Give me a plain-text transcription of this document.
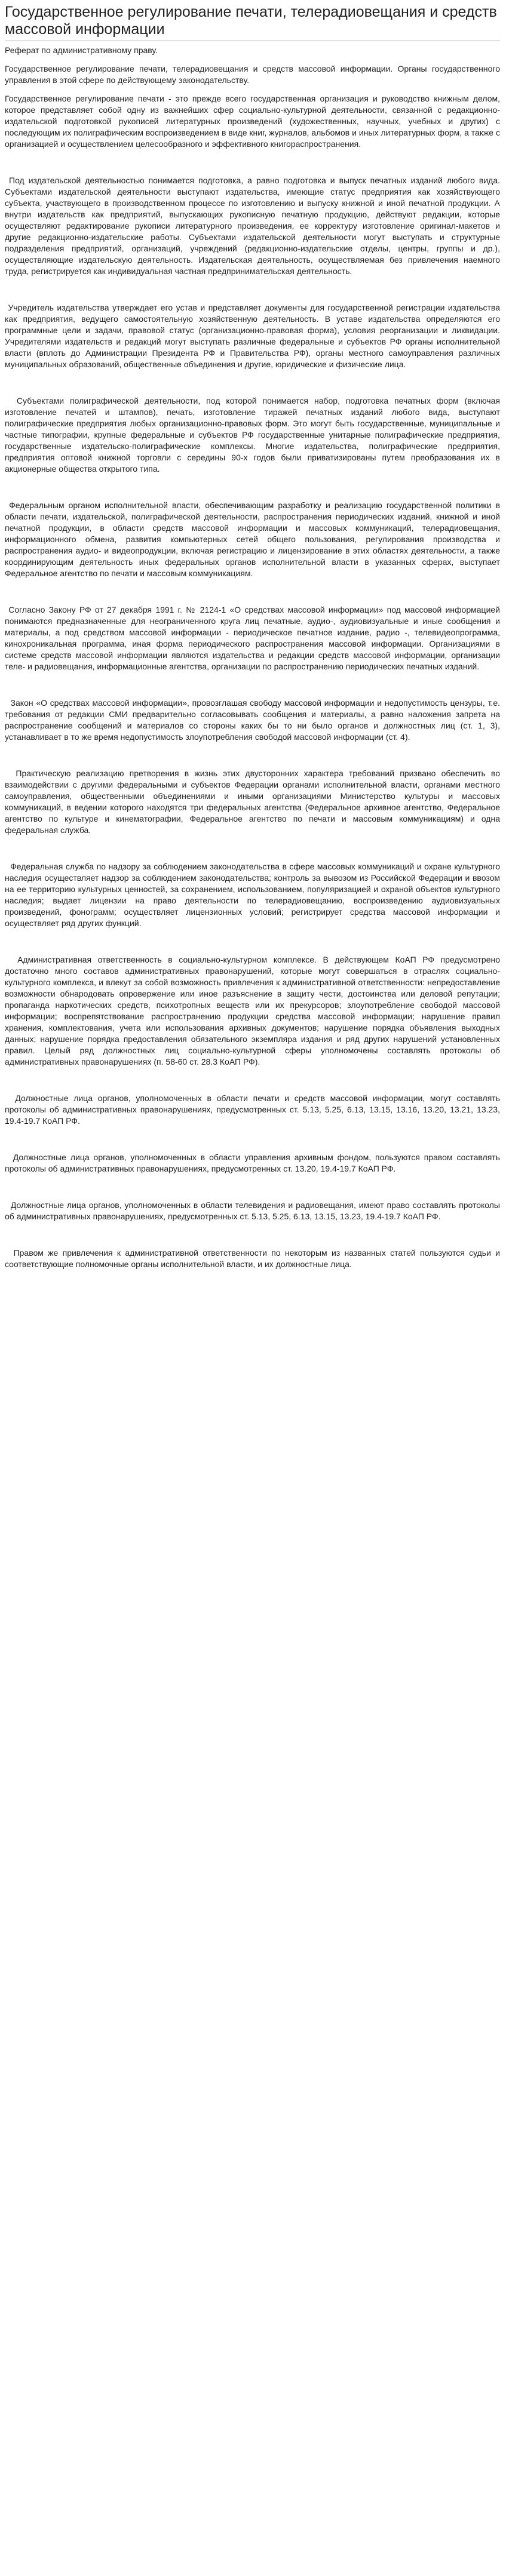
Государственное регулирование печати, телерадиовещания и средств массовой информации
Реферат по административному праву.

Государственное регулирование печати, телерадиовещания и средств массовой информации. Органы государственного управления в этой сфере по действующему законодательству.

Государственное регулирование печати - это прежде всего государственная организация и руководство книжным делом, которое представляет собой одну из важнейших сфер социально-культурной деятельности, связанной с редакционно-издательской подготовкой рукописей литературных произведений (художественных, научных, учебных и других) с последующим их полиграфическим воспроизведением в виде книг, журналов, альбомов и иных литературных форм, а также с организацией и осуществлением целесообразного и эффективного книгораспространения.

Под издательской деятельностью понимается подготовка, а равно подготовка и выпуск печатных изданий любого вида. Субъектами издательской деятельности выступают издательства, имеющие статус предприятия как хозяйствующего субъекта, участвующего в производственном процессе по изготовлению и выпуску книжной и иной печатной продукции. А внутри издательств как предприятий, выпускающих рукописную печатную продукцию, действуют редакции, которые осуществляют редактирование рукописи литературного произведения, ее корректуру изготовление оригинал-макетов и другие редакционно-издательские работы. Субъектами издательской деятельности могут выступать и структурные подразделения предприятий, организаций, учреждений (редакционно-издательские отделы, центры, группы и др.), осуществляющие издательскую деятельность. Издательская деятельность, осуществляемая без привлечения наемного труда, регистрируется как индивидуальная частная предпринимательская деятельность.

Учредитель издательства утверждает его устав и представляет документы для государственной регистрации издательства как предприятия, ведущего самостоятельную хозяйственную деятельность. В уставе издательства определяются его программные цели и задачи, правовой статус (организационно-правовая форма), условия реорганизации и ликвидации. Учредителями издательств и редакций могут выступать различные федеральные и субъектов РФ органы исполнительной власти (вплоть до Администрации Президента РФ и Правительства РФ), органы местного самоуправления различных муниципальных образований, общественные объединения и другие, юридические и физические лица.

Субъектами полиграфической деятельности, под которой понимается набор, подготовка печатных форм (включая изготовление печатей и штампов), печать, изготовление тиражей печатных изданий любого вида, выступают полиграфические предприятия любых организационно-правовых форм. Это могут быть государственные, муниципальные и частные типографии, крупные федеральные и субъектов РФ государственные унитарные полиграфические предприятия, государственные издательско-полиграфические комплексы. Многие издательства, полиграфические предприятия, предприятия оптовой книжной торговли с середины 90-х годов были приватизированы путем преобразования их в акционерные общества открытого типа.

Федеральным органом исполнительной власти, обеспечивающим разработку и реализацию государственной политики в области печати, издательской, полиграфической деятельности, распространения периодических изданий, книжной и иной печатной продукции, в области средств массовой информации и массовых коммуникаций, телерадиовещания, информационного обмена, развития компьютерных сетей общего пользования, регулирования производства и распространения аудио- и видеопродукции, включая регистрацию и лицензирование в этих областях деятельности, а также координирующим деятельность иных федеральных органов исполнительной власти в указанных сферах, выступает Федеральное агентство по печати и массовым коммуникациям.

Согласно Закону РФ от 27 декабря 1991 г. № 2124-1 «О средствах массовой информации» под массовой информацией понимаются предназначенные для неограниченного круга лиц печатные, аудио-, аудиовизуальные и иные сообщения и материалы, а под средством массовой информации - периодическое печатное издание, радио -, телевидеопрограмма, кинохроникальная программа, иная форма периодического распространения массовой информации. Организациями в системе средств массовой информации являются издательства и редакции средств массовой информации, организации теле- и радиовещания, информационные агентства, организации по распространению периодических печатных изданий.

Закон «О средствах массовой информации», провозглашая свободу массовой информации и недопустимость цензуры, т.е. требования от редакции СМИ предварительно согласовывать сообщения и материалы, а равно наложения запрета на распространение сообщений и материалов со стороны каких бы то ни было органов и должностных лиц (ст. 1, 3), устанавливает в то же время недопустимость злоупотребления свободой массовой информации (ст. 4).

Практическую реализацию претворения в жизнь этих двусторонних характера требований призвано обеспечить во взаимодействии с другими федеральными и субъектов Федерации органами исполнительной власти, органами местного самоуправления, общественными объединениями и иными организациями Министерство культуры и массовых коммуникаций, в ведении которого находятся три федеральных агентства (Федеральное архивное агентство, Федеральное агентство по культуре и кинематографии, Федеральное агентство по печати и массовым коммуникациям) и одна федеральная служба.

Федеральная служба по надзору за соблюдением законодательства в сфере массовых коммуникаций и охране культурного наследия осуществляет надзор за соблюдением законодательства; контроль за вывозом из Российской Федерации и ввозом на ее территорию культурных ценностей, за сохранением, использованием, популяризацией и охраной объектов культурного наследия; выдает лицензии на право деятельности по телерадиовещанию, воспроизведению аудиовизуальных произведений, фонограмм; осуществляет лицензионных условий; регистрирует средства массовой информации и осуществляет ряд других функций.

Административная ответственность в социально-культурном комплексе. В действующем КоАП РФ предусмотрено достаточно много составов административных правонарушений, которые могут совершаться в отраслях социально-культурного комплекса, и влекут за собой возможность привлечения к административной ответственности: непредоставление возможности обнародовать опровержение или иное разъяснение в защиту чести, достоинства или деловой репутации; пропаганда наркотических средств, психотропных веществ или их прекурсоров; злоупотребление свободой массовой информации; воспрепятствование распространению продукции средства массовой информации; нарушение правил хранения, комплектования, учета или использования архивных документов; нарушение порядка объявления выходных данных; нарушение порядка предоставления обязательного экземпляра издания и ряд других нарушений установленных правил. Целый ряд должностных лиц социально-культурной сферы уполномочены составлять протоколы об административных правонарушениях (п. 58-60 ст. 28.3 КоАП РФ).

Должностные лица органов, уполномоченных в области печати и средств массовой информации, могут составлять протоколы об административных правонарушениях, предусмотренных ст. 5.13, 5.25, 6.13, 13.15, 13.16, 13.20, 13.21, 13.23, 19.4-19.7 КоАП РФ.

Должностные лица органов, уполномоченных в области управления архивным фондом, пользуются правом составлять протоколы об административных правонарушениях, предусмотренных ст. 13.20, 19.4-19.7 КоАП РФ.

Должностные лица органов, уполномоченных в области телевидения и радиовещания, имеют право составлять протоколы об административных правонарушениях, предусмотренных ст. 5.13, 5.25, 6.13, 13.15, 13.23, 19.4-19.7 КоАП РФ.

Правом же привлечения к административной ответственности по некоторым из названных статей пользуются судьи и соответствующие полномочные органы исполнительной власти, и их должностные лица.
